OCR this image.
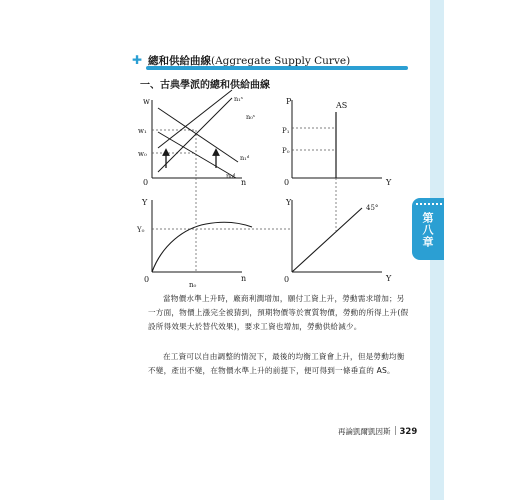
第八章
✚ 總和供給曲線(Aggregate Supply Curve)
一、古典學派的總和供給曲線
w
n
0
w₁
w₀
n₁ˢ
n₀ˢ
n₁ᵈ
n₀ᵈ
P
Y
0
AS
P₁
P₀
Y
n
0
Y₀
n₀
Y
Y
0
45°

當物價水準上升時，廠商利潤增加，願付工資上升，勞動需求增加；另一方面，物價上漲完全被猜到，預期物價等於實質物價，勞動的所得上升(假設所得效果大於替代效果)，要求工資也增加，勞動供給減少。

在工資可以自由調整的情況下，最後的均衡工資會上升，但是勞動均衡不變，產出不變，在物價水準上升的前提下，便可得到一條垂直的 AS。

再論凱爾凱因斯 329
